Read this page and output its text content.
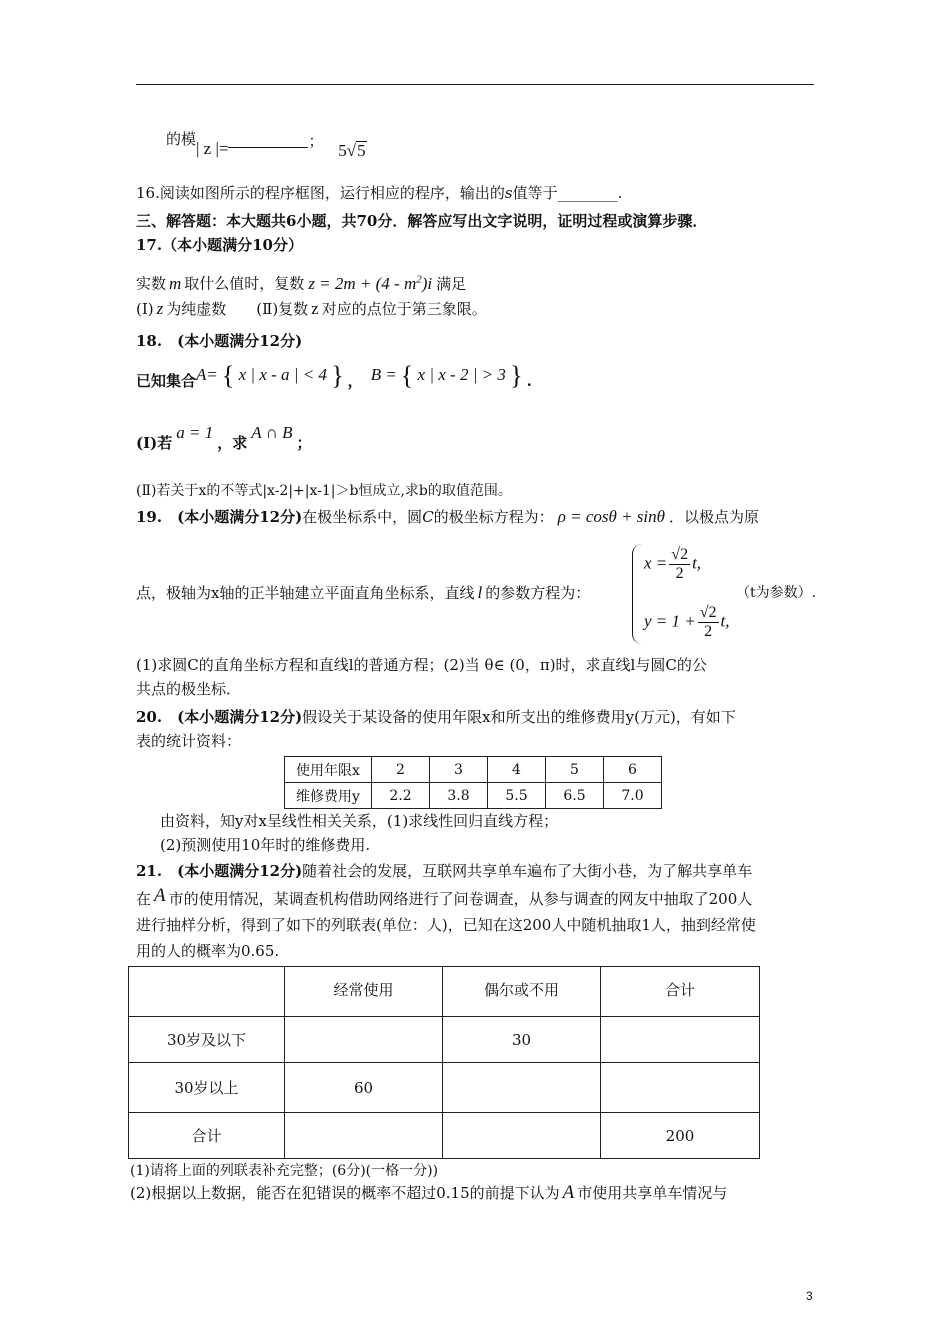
的模| z |=	； 5√5
16.阅读如图所示的程序框图，运行相应的程序，输出的s值等于________.
三、解答题：本大题共6小题，共70分．解答应写出文字说明，证明过程或演算步骤．
17.（本小题满分10分）
实数 m 取什么值时，复数 $z = 2m + (4 - m^2)i$ 满足
(Ⅰ) z 为纯虚数　　(Ⅱ)复数 z 对应的点位于第三象限。
18.　(本小题满分12分)
已知集合A= { x | x - a | < 4 } ， B = { x | x - 2 | > 3 } .
(Ⅰ)若a = 1，求A ∩ B；
(Ⅱ)若关于x的不等式|x-2|+|x-1|＞b恒成立,求b的取值范围。
19.　(本小题满分12分)在极坐标系中，圆C的极坐标方程为： ρ = cosθ + sinθ ．以极点为原
点，极轴为x轴的正半轴建立平面直角坐标系，直线 l 的参数方程为：
$x = \frac{√2}{2} t$,
$y = 1 + \frac{√2}{2} t$,
（t为参数）.
(1)求圆C的直角坐标方程和直线l的普通方程；(2)当 θ∈ (0，π)时，求直线l与圆C的公
共点的极坐标．
20.　(本小题满分12分)假设关于某设备的使用年限x和所支出的维修费用y(万元)，有如下
表的统计资料：
使用年限x	2	3	4	5	6
维修费用y	2.2	3.8	5.5	6.5	7.0
由资料，知y对x呈线性相关关系，(1)求线性回归直线方程；
(2)预测使用10年时的维修费用.
21.　(本小题满分12分)随着社会的发展，互联网共享单车遍布了大街小巷，为了解共享单车
在 A 市的使用情况，某调查机构借助网络进行了问卷调查，从参与调查的网友中抽取了200人
进行抽样分析，得到了如下的列联表(单位：人)，已知在这200人中随机抽取1人，抽到经常使
用的人的概率为0.65.
	经常使用	偶尔或不用	合计
30岁及以下		30	
30岁以上	60		
合计			200
(1)请将上面的列联表补充完整；(6分)(一格一分))
(2)根据以上数据，能否在犯错误的概率不超过0.15的前提下认为 A 市使用共享单车情况与
3
